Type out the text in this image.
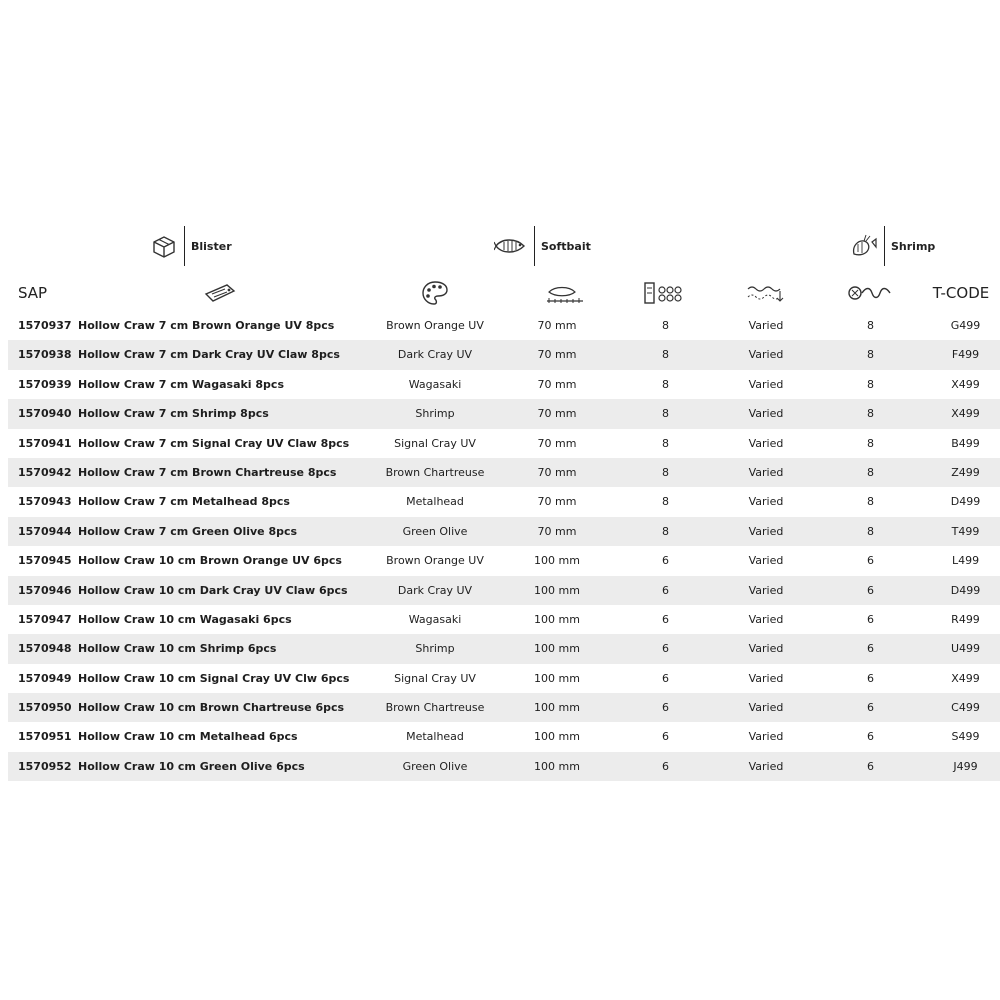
Blister	Softbait	Shrimp
SAP	T-CODE
1570937 Hollow Craw 7 cm Brown Orange UV 8pcs	Brown Orange UV	70 mm	8	Varied	8	G499
1570938 Hollow Craw 7 cm Dark Cray UV Claw 8pcs	Dark Cray UV	70 mm	8	Varied	8	F499
1570939 Hollow Craw 7 cm Wagasaki 8pcs	Wagasaki	70 mm	8	Varied	8	X499
1570940 Hollow Craw 7 cm Shrimp 8pcs	Shrimp	70 mm	8	Varied	8	X499
1570941 Hollow Craw 7 cm Signal Cray UV Claw 8pcs	Signal Cray UV	70 mm	8	Varied	8	B499
1570942 Hollow Craw 7 cm Brown Chartreuse 8pcs	Brown Chartreuse	70 mm	8	Varied	8	Z499
1570943 Hollow Craw 7 cm Metalhead 8pcs	Metalhead	70 mm	8	Varied	8	D499
1570944 Hollow Craw 7 cm Green Olive 8pcs	Green Olive	70 mm	8	Varied	8	T499
1570945 Hollow Craw 10 cm Brown Orange UV 6pcs	Brown Orange UV	100 mm	6	Varied	6	L499
1570946 Hollow Craw 10 cm Dark Cray UV Claw 6pcs	Dark Cray UV	100 mm	6	Varied	6	D499
1570947 Hollow Craw 10 cm Wagasaki 6pcs	Wagasaki	100 mm	6	Varied	6	R499
1570948 Hollow Craw 10 cm Shrimp 6pcs	Shrimp	100 mm	6	Varied	6	U499
1570949 Hollow Craw 10 cm Signal Cray UV Clw 6pcs	Signal Cray UV	100 mm	6	Varied	6	X499
1570950 Hollow Craw 10 cm Brown Chartreuse 6pcs	Brown Chartreuse	100 mm	6	Varied	6	C499
1570951 Hollow Craw 10 cm Metalhead 6pcs	Metalhead	100 mm	6	Varied	6	S499
1570952 Hollow Craw 10 cm Green Olive 6pcs	Green Olive	100 mm	6	Varied	6	J499
